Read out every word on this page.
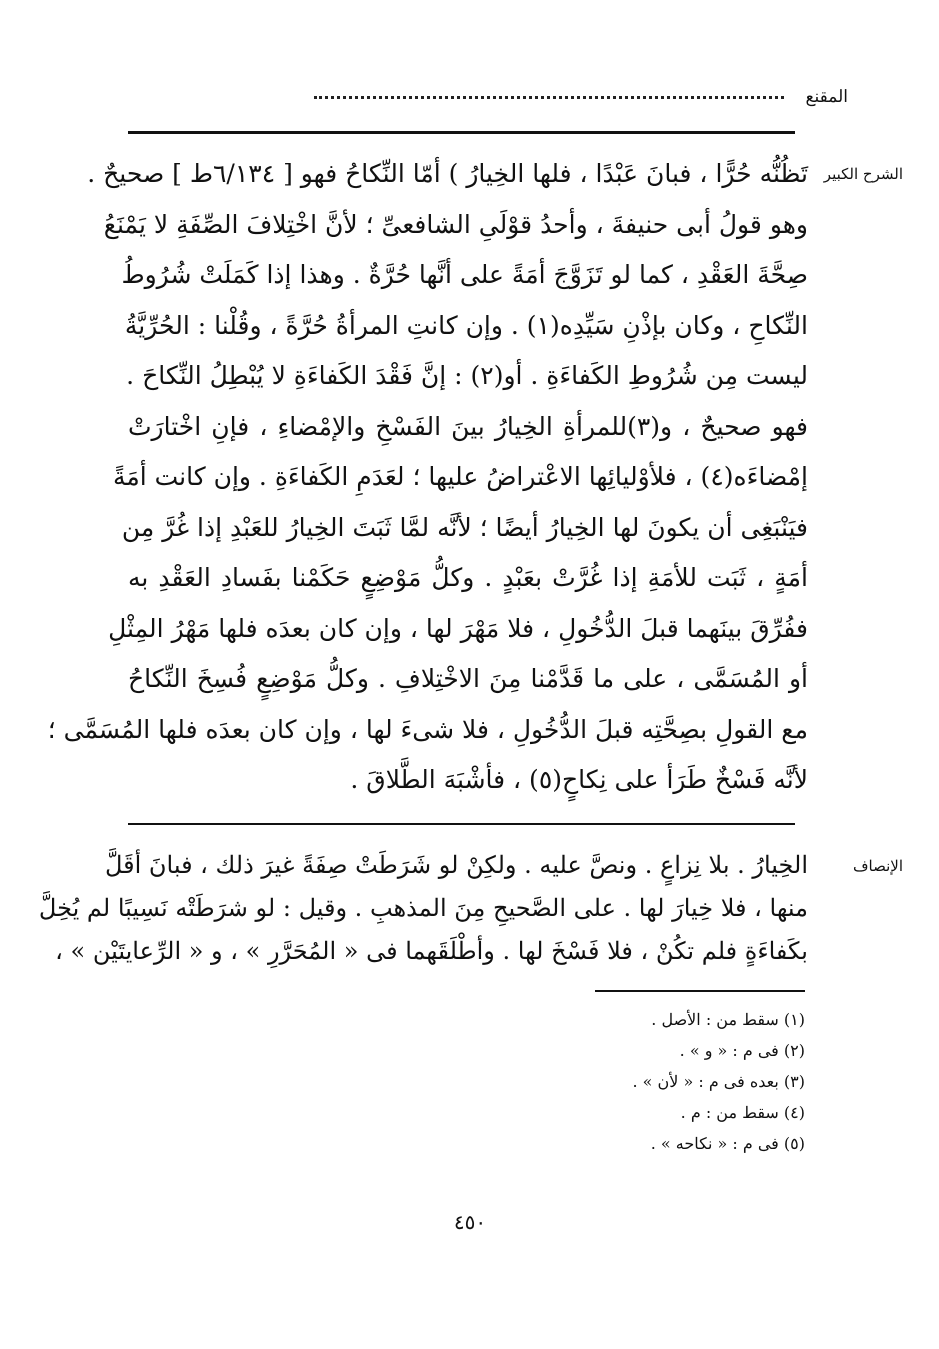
المقنع
الشرح الكبير
تَظُنُّه حُرًّا ، فبانَ عَبْدًا ، فلها الخِيارُ ) أمّا النِّكاحُ فهو [ ٦/١٣٤ط ] صحيحٌ .
وهو قولُ أبى حنيفةَ ، وأحدُ قوْلَىِ الشافعىِّ ؛ لأنَّ اخْتِلافَ الصِّفَةِ لا يَمْنَعُ
صِحَّةَ العَقْدِ ، كما لو تَزَوَّجَ أمَةً على أنَّها حُرَّةٌ . وهذا إذا كَمَلَتْ شُرُوطُ
النِّكاحِ ، وكان بإذْنِ سَيِّدِه(١) . وإن كانتِ المرأةُ حُرَّةً ، وقُلْنا : الحُرِّيَّةُ
ليست مِن شُرُوطِ الكَفاءَةِ . أو(٢) : إنَّ فَقْدَ الكَفاءَةِ لا يُبْطِلُ النِّكاحَ .
فهو صحيحٌ ، و(٣)للمرأةِ الخِيارُ بينَ الفَسْخِ والإمْضاءِ ، فإنِ اخْتارَتْ
إمْضاءَه(٤) ، فلأوْليائِها الاعْتراضُ عليها ؛ لعَدَمِ الكَفاءَةِ . وإن كانت أمَةً
فيَنْبَغِى أن يكونَ لها الخِيارُ أيضًا ؛ لأنَّه لمَّا ثَبَتَ الخِيارُ للعَبْدِ إذا غُرَّ مِن
أمَةٍ ، ثَبَت للأمَةِ إذا غُرَّتْ بعَبْدٍ . وكلُّ مَوْضِعٍ حَكَمْنا بفَسادِ العَقْدِ به
ففُرِّقَ بينَهما قبلَ الدُّخُولِ ، فلا مَهْرَ لها ، وإن كان بعدَه فلها مَهْرُ المِثْلِ
أو المُسَمَّى ، على ما قَدَّمْنا مِنَ الاخْتِلافِ . وكلُّ مَوْضِعٍ فُسِخَ النِّكاحُ
مع القولِ بصِحَّتِه قبلَ الدُّخُولِ ، فلا شىءَ لها ، وإن كان بعدَه فلها المُسَمَّى ؛
لأنَّه فَسْخٌ طَرَأ على نِكاحٍ(٥) ، فأشْبَهَ الطَّلاقَ .
الإنصاف
الخِيارُ . بلا نِزاعٍ . ونصَّ عليه . ولكِنْ لو شَرَطَتْ صِفَةً غيرَ ذلك ، فبانَ أقَلَّ
منها ، فلا خِيارَ لها . على الصَّحيحِ مِنَ المذهبِ . وقيل : لو شرَطَتْه نَسِيبًا لم يُخِلَّ
بكَفاءَةٍ فلم تكُنْ ، فلا فَسْخَ لها . وأطْلَقَهما فى « المُحَرَّرِ » ، و « الرِّعايتَيْن » ،
(١) سقط من : الأصل .
(٢) فى م : « و » .
(٣) بعده فى م : « لأن » .
(٤) سقط من : م .
(٥) فى م : « نكاحه » .
٤٥٠
